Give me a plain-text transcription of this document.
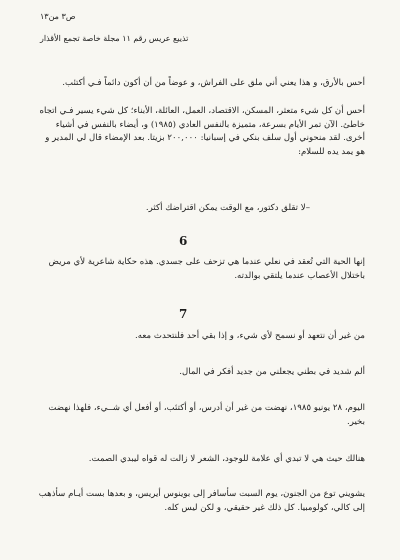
ص٣ من١٣
تذييع عريس رقم ١١ مجلة خاصة تجمع الأقذار
أحس بالأرق، و هذا يعني أني ملق على الفراش، و عوضاً من أن أكون دائماً فـي أكتئب.
أحس أن كل شيء متعثر، المسكن، الاقتصاد، العمل، العائلة، الأبناء؛ كل شيء يسير فـي اتجاه خاطئ. الآن تمر الأيام بسرعة، متميزة بالنفس العادي (١٩٨٥) و، أيضاء بالنفس في أشياء أخرى. لقد منحوني أول سلف بنكي في إسبانيا: ٢٠٠,٠٠٠ بزيتا. بعد الإمضاء قال لي المدير و هو يمد يده للسلام:
–لا تقلق دكتور، مع الوقت يمكن اقتراضك أكثر.
6
إنها الحية التي تُعقد في نعلي عندما هي تزحف على جسدي. هذه حكاية شاعرية لأي مريض باختلال الأعصاب عندما يلتقي بوالدته.
7
من غير أن نتعهد أو نسمح لأي شيء، و إذا بقي أحد فلنتحدث معه.
ألم شديد في بطني يجعلني من جديد أفكر في المال.
اليوم، ٢٨ يونيو ١٩٨٥، نهضت من غير أن أدرس، أو أكتئب، أو أفعل أي شــيء، فلهذا نهضت بخير.
هنالك حيث هي لا تبدي أي علامة للوجود، الشعر لا زالت له قواه ليبدي الصمت.
يشويني توع من الجنون، يوم السبت سأسافر إلى بوينوس أيريس، و بعدها بست أيـام سأذهب إلى كالي، كولومبيا. كل ذلك غير حقيقي، و لكن ليس كله.
